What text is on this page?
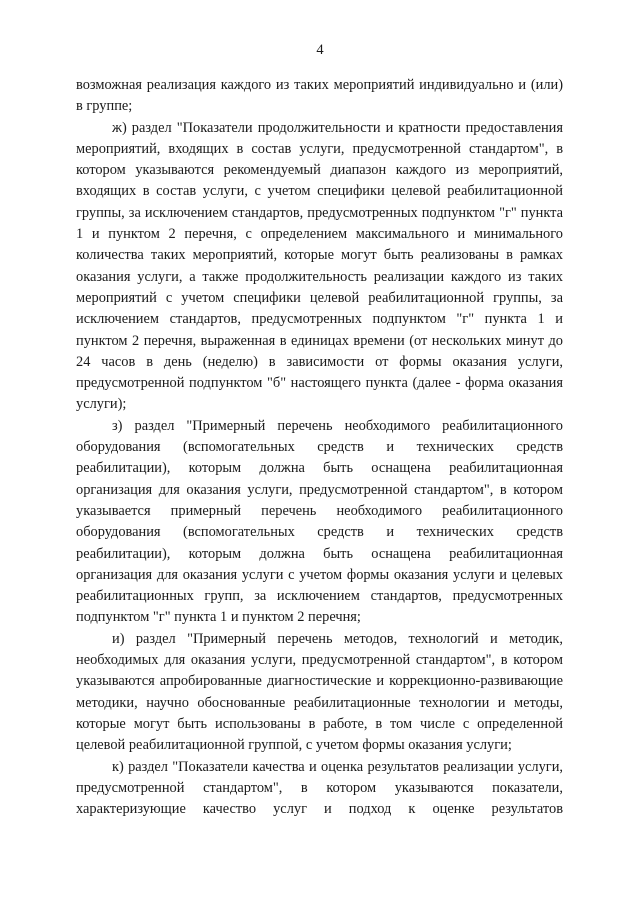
4

возможная реализация каждого из таких мероприятий индивидуально и (или) в группе;

ж) раздел "Показатели продолжительности и кратности предоставления мероприятий, входящих в состав услуги, предусмотренной стандартом", в котором указываются рекомендуемый диапазон каждого из мероприятий, входящих в состав услуги, с учетом специфики целевой реабилитационной группы, за исключением стандартов, предусмотренных подпунктом "г" пункта 1 и пунктом 2 перечня, с определением максимального и минимального количества таких мероприятий, которые могут быть реализованы в рамках оказания услуги, а также продолжительность реализации каждого из таких мероприятий с учетом специфики целевой реабилитационной группы, за исключением стандартов, предусмотренных подпунктом "г" пункта 1 и пунктом 2 перечня, выраженная в единицах времени (от нескольких минут до 24 часов в день (неделю) в зависимости от формы оказания услуги, предусмотренной подпунктом "б" настоящего пункта (далее - форма оказания услуги);

з) раздел "Примерный перечень необходимого реабилитационного оборудования (вспомогательных средств и технических средств реабилитации), которым должна быть оснащена реабилитационная организация для оказания услуги, предусмотренной стандартом", в котором указывается примерный перечень необходимого реабилитационного оборудования (вспомогательных средств и технических средств реабилитации), которым должна быть оснащена реабилитационная организация для оказания услуги с учетом формы оказания услуги и целевых реабилитационных групп, за исключением стандартов, предусмотренных подпунктом "г" пункта 1 и пунктом 2 перечня;

и) раздел "Примерный перечень методов, технологий и методик, необходимых для оказания услуги, предусмотренной стандартом", в котором указываются апробированные диагностические и коррекционно-развивающие методики, научно обоснованные реабилитационные технологии и методы, которые могут быть использованы в работе, в том числе с определенной целевой реабилитационной группой, с учетом формы оказания услуги;

к) раздел "Показатели качества и оценка результатов реализации услуги, предусмотренной стандартом", в котором указываются показатели, характеризующие качество услуг и подход к оценке результатов
